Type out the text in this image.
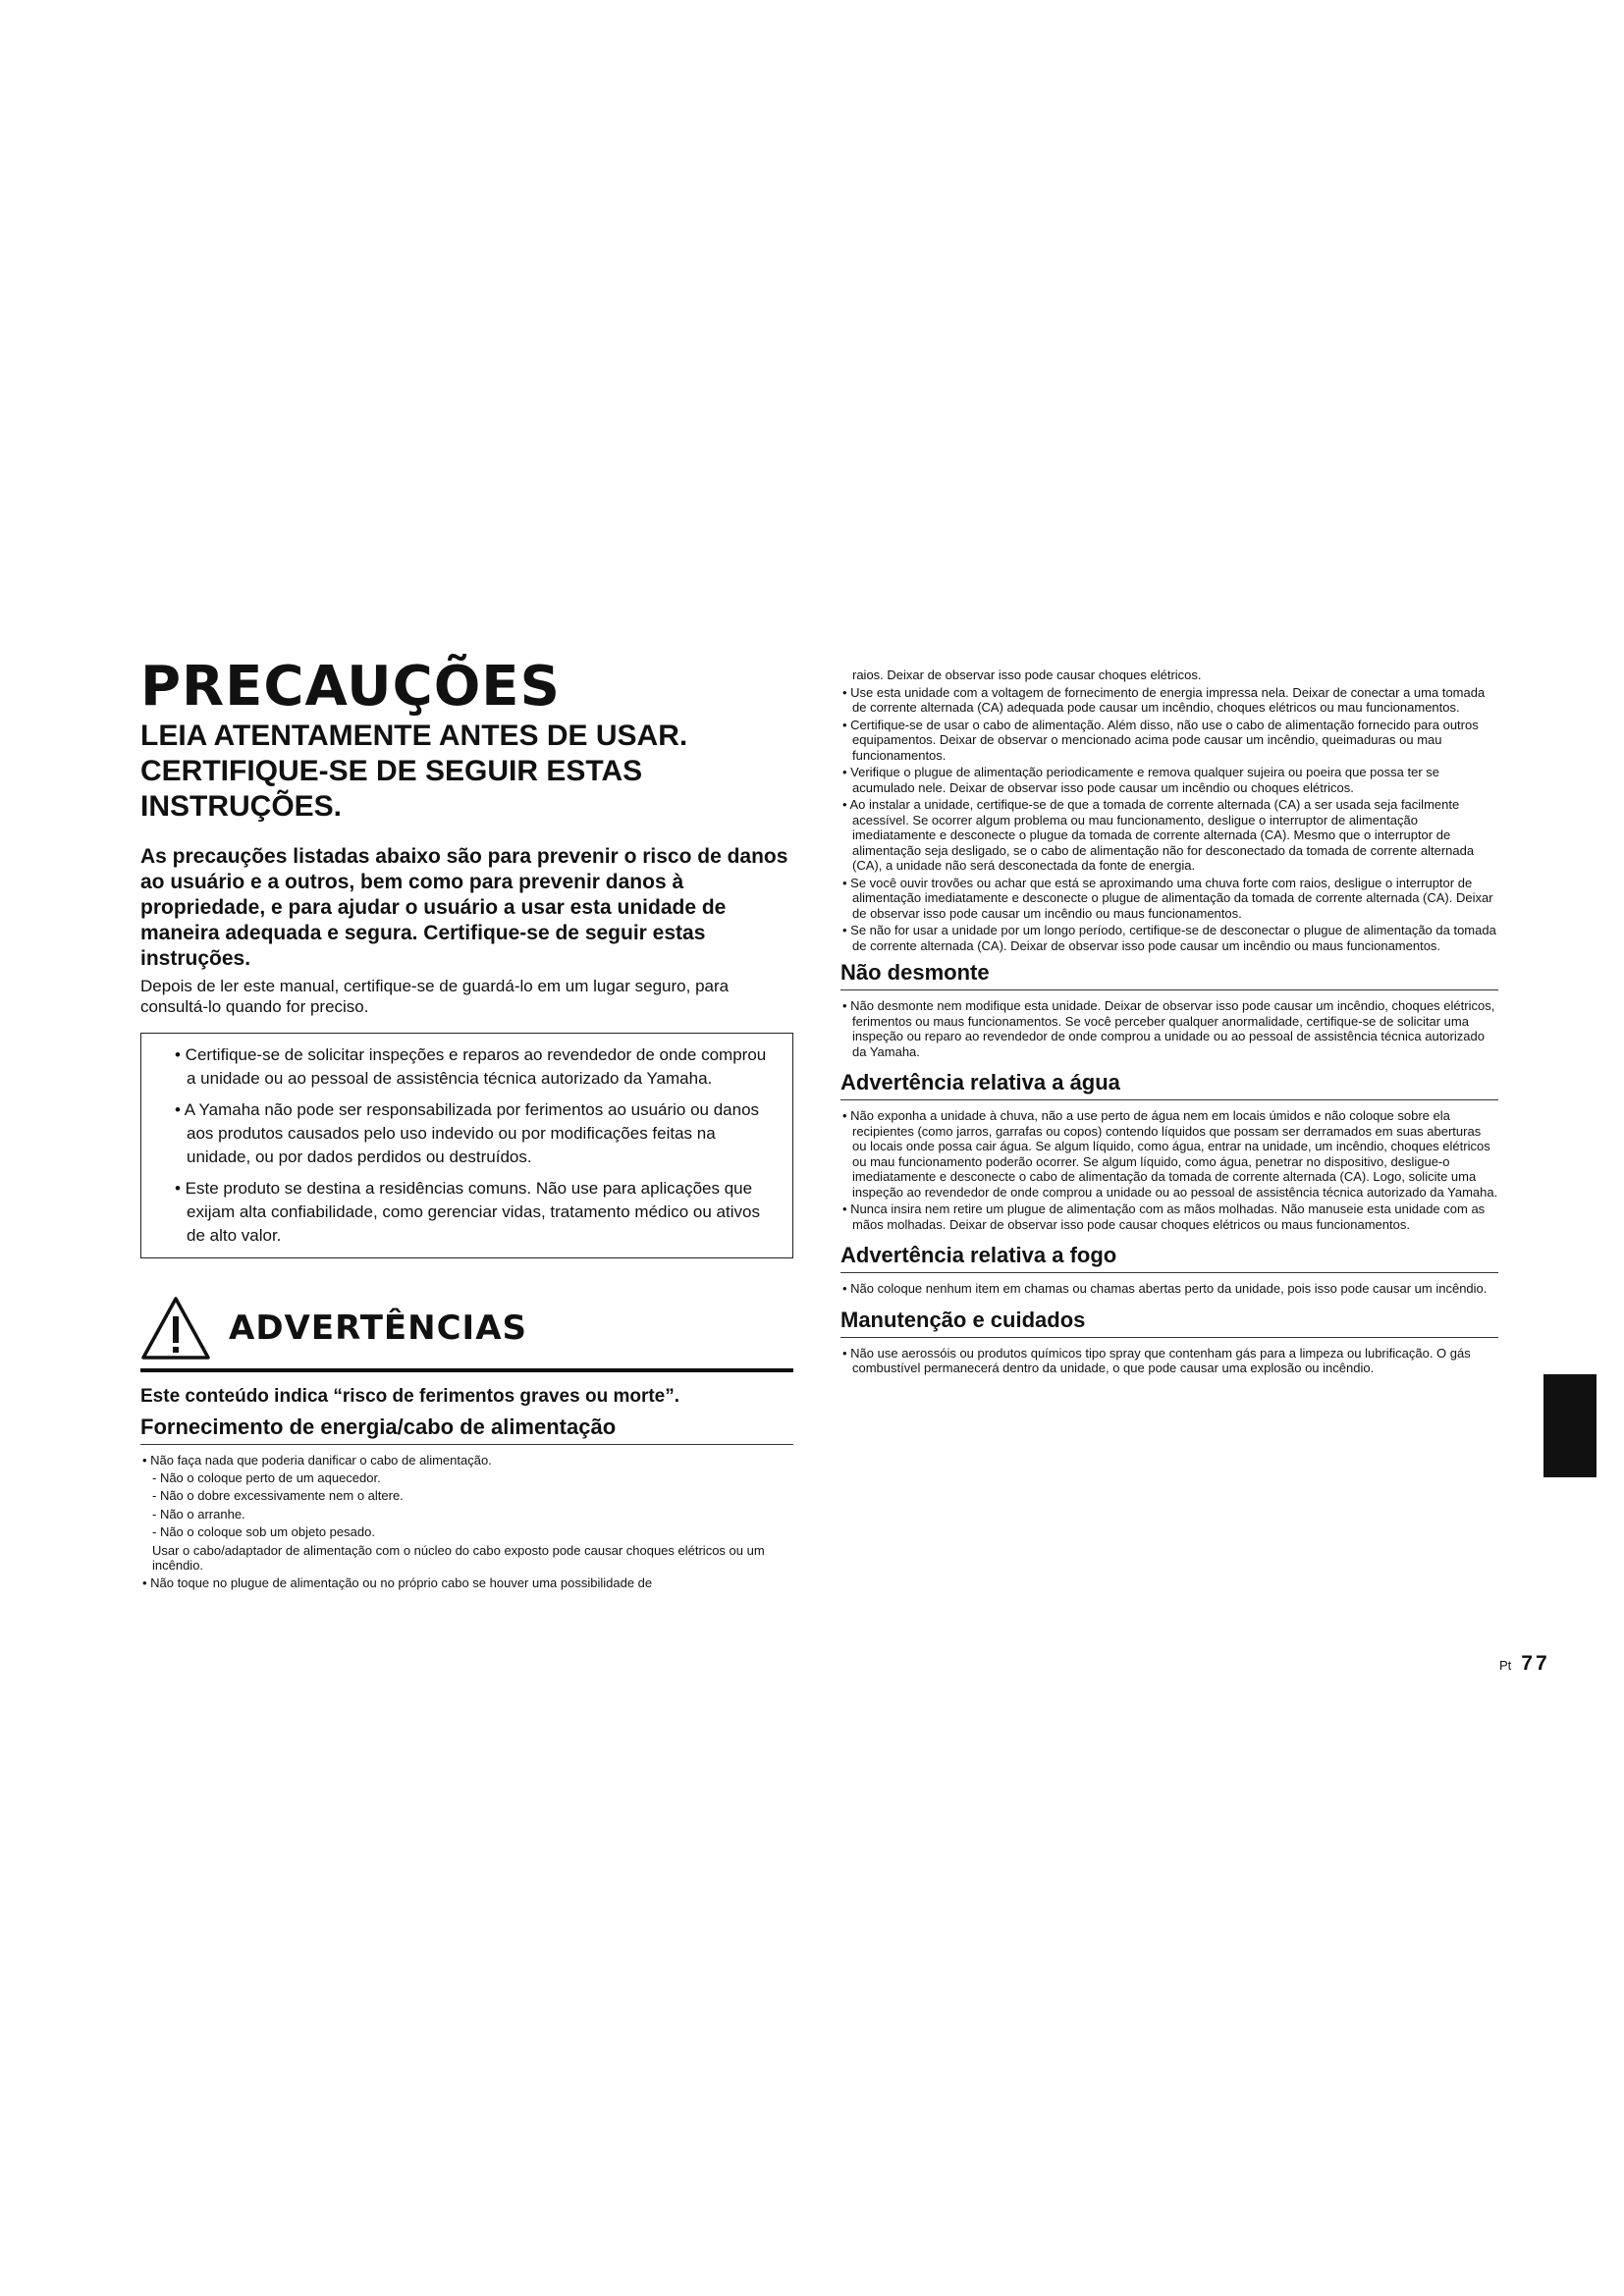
PRECAUÇÕES
LEIA ATENTAMENTE ANTES DE USAR. CERTIFIQUE-SE DE SEGUIR ESTAS INSTRUÇÕES.

As precauções listadas abaixo são para prevenir o risco de danos ao usuário e a outros, bem como para prevenir danos à propriedade, e para ajudar o usuário a usar esta unidade de maneira adequada e segura. Certifique-se de seguir estas instruções.

Depois de ler este manual, certifique-se de guardá-lo em um lugar seguro, para consultá-lo quando for preciso.

• Certifique-se de solicitar inspeções e reparos ao revendedor de onde comprou a unidade ou ao pessoal de assistência técnica autorizado da Yamaha.

• A Yamaha não pode ser responsabilizada por ferimentos ao usuário ou danos aos produtos causados pelo uso indevido ou por modificações feitas na unidade, ou por dados perdidos ou destruídos.

• Este produto se destina a residências comuns. Não use para aplicações que exijam alta confiabilidade, como gerenciar vidas, tratamento médico ou ativos de alto valor.

ADVERTÊNCIAS

Este conteúdo indica “risco de ferimentos graves ou morte”.

Fornecimento de energia/cabo de alimentação

• Não faça nada que poderia danificar o cabo de alimentação.

- Não o coloque perto de um aquecedor.

- Não o dobre excessivamente nem o altere.

- Não o arranhe.

- Não o coloque sob um objeto pesado.

Usar o cabo/adaptador de alimentação com o núcleo do cabo exposto pode causar choques elétricos ou um incêndio.

• Não toque no plugue de alimentação ou no próprio cabo se houver uma possibilidade de

raios. Deixar de observar isso pode causar choques elétricos.

• Use esta unidade com a voltagem de fornecimento de energia impressa nela. Deixar de conectar a uma tomada de corrente alternada (CA) adequada pode causar um incêndio, choques elétricos ou mau funcionamentos.

• Certifique-se de usar o cabo de alimentação. Além disso, não use o cabo de alimentação fornecido para outros equipamentos. Deixar de observar o mencionado acima pode causar um incêndio, queimaduras ou mau funcionamentos.

• Verifique o plugue de alimentação periodicamente e remova qualquer sujeira ou poeira que possa ter se acumulado nele. Deixar de observar isso pode causar um incêndio ou choques elétricos.

• Ao instalar a unidade, certifique-se de que a tomada de corrente alternada (CA) a ser usada seja facilmente acessível. Se ocorrer algum problema ou mau funcionamento, desligue o interruptor de alimentação imediatamente e desconecte o plugue da tomada de corrente alternada (CA). Mesmo que o interruptor de alimentação seja desligado, se o cabo de alimentação não for desconectado da tomada de corrente alternada (CA), a unidade não será desconectada da fonte de energia.

• Se você ouvir trovões ou achar que está se aproximando uma chuva forte com raios, desligue o interruptor de alimentação imediatamente e desconecte o plugue de alimentação da tomada de corrente alternada (CA). Deixar de observar isso pode causar um incêndio ou maus funcionamentos.

• Se não for usar a unidade por um longo período, certifique-se de desconectar o plugue de alimentação da tomada de corrente alternada (CA). Deixar de observar isso pode causar um incêndio ou maus funcionamentos.

Não desmonte

• Não desmonte nem modifique esta unidade. Deixar de observar isso pode causar um incêndio, choques elétricos, ferimentos ou maus funcionamentos. Se você perceber qualquer anormalidade, certifique-se de solicitar uma inspeção ou reparo ao revendedor de onde comprou a unidade ou ao pessoal de assistência técnica autorizado da Yamaha.

Advertência relativa a água

• Não exponha a unidade à chuva, não a use perto de água nem em locais úmidos e não coloque sobre ela recipientes (como jarros, garrafas ou copos) contendo líquidos que possam ser derramados em suas aberturas ou locais onde possa cair água. Se algum líquido, como água, entrar na unidade, um incêndio, choques elétricos ou mau funcionamento poderão ocorrer. Se algum líquido, como água, penetrar no dispositivo, desligue-o imediatamente e desconecte o cabo de alimentação da tomada de corrente alternada (CA). Logo, solicite uma inspeção ao revendedor de onde comprou a unidade ou ao pessoal de assistência técnica autorizado da Yamaha.

• Nunca insira nem retire um plugue de alimentação com as mãos molhadas. Não manuseie esta unidade com as mãos molhadas. Deixar de observar isso pode causar choques elétricos ou maus funcionamentos.

Advertência relativa a fogo

• Não coloque nenhum item em chamas ou chamas abertas perto da unidade, pois isso pode causar um incêndio.

Manutenção e cuidados

• Não use aerossóis ou produtos químicos tipo spray que contenham gás para a limpeza ou lubrificação. O gás combustível permanecerá dentro da unidade, o que pode causar uma explosão ou incêndio.

Pt 77
